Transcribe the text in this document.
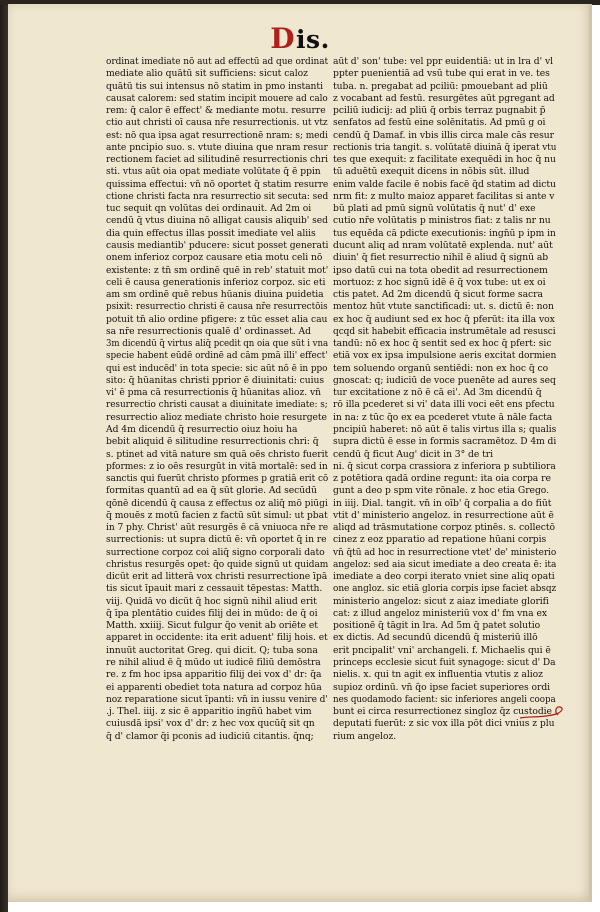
Dis.
ordinat imediate nō aut ad effectū ad que ordinat
mediate alio quātū sit sufficiens: sicut caloz
quātū tis sui intensus nō statim in pmo instanti
causat calorem: sed statim incipit mouere ad calo
rem: q̄ calor ē effect' & mediante motu. resurre
ctio aut christi oī causa nr̄e resurrectionis. ut vtz
est: nō qua ipsa agat resurrectionē nram: s; medi
ante pncipio suo. s. vtute diuina que nram resur
rectionem faciet ad silitudinē resurrectionis chri
sti. vtus aūt oia opat mediate volūtate q̄ ē ppin
quissima effectui: vn̄ nō oportet q̄ statim resurre
ctione christi facta nra resurrectio sit secuta: sed
tuc sequit qn volūtas dei ordinauit. Ad 2m oi
cendū q̄ vtus diuina nō alligat causis aliquib' sed
dia quin effectus illas possit imediate vel aliis
causis mediantib' pducere: sicut posset generati
onem inferioz corpoz causare etia motu celi nō
existente: z tn̄ sm ordinē quē in reb' statuit mot'
celi ē causa generationis inferioz corpoz. sic eti
am sm ordinē quē rebus hūanis diuina puidetia
psixit: resurrectio christi ē causa nr̄e resurrectōis
potuit tn̄ alio ordine pfigere: z tūc esset alia cau
sa nr̄e resurrectionis qualē d' ordinasset. Ad
3m dicendū q̄ virtus aliq̄ pcedit qn oia que sūt i vna
specie habent eūdē ordinē ad cām pmā illi' effect'
qui est inducēd' in tota specie: sic aūt nō ē in ppo
sito: q̄ hūanitas christi pprior ē diuinitati: cuius
vi' ē pma cā resurrectionis q̄ hūanitas alioz. vn̄
resurrectio christi causat a diuinitate imediate: s;
resurrectio alioz mediate christo hoie resurgete
Ad 4m dicendū q̄ resurrectio oiuz hoiu ha
bebit aliquid ē silitudine resurrectionis chri: q̄
s. ptinet ad vitā nature sm quā oēs christo fuerit
pformes: z io oēs resurgūt in vitā mortalē: sed in
sanctis qui fuerūt christo pformes p gratiā erit cō
formitas quantū ad ea q̄ sūt glorie. Ad secūdū
qōnē dicendū q̄ causa z effectus oz aliq̄ mō piūgi
q̄ mouēs z motū facien z factū sūt simul: ut pbat
in 7 phy. Christ' aūt resurgēs ē cā vniuoca nr̄e re
surrectionis: ut supra dictū ē: vn̄ oportet q̄ in re
surrectione corpoz coi aliq̄ signo corporali dato
christus resurgēs opet: q̄o quide signū ut quidam
dicūt erit ad litterā vox christi resurrectione īpā
tis sicut īpauit mari z cessauit tēpestas: Matth.
viij. Quidā vo dicūt q̄ hoc signū nihil aliud erit
q̄ īpa plentātio cuides filij dei in mūdo: de q̄ oi
Matth. xxiiij. Sicut fulgur q̄o venit ab oriēte et
apparet in occidente: ita erit aduent' filij hois. et
innuūt auctoritat Greg. qui dicit. Q; tuba sona
re nihil aliud ē q̄ mūdo ut iudicē filiū demōstra
re. z fm hoc ipsa apparitio filij dei vox d' dr: q̄a
ei apparenti obediet tota natura ad corpoz hūa
noz reparatione sicut īpanti: vn̄ in iussu venire d'
.j. Thel. iiij. z sic ē apparitio ingn̄ū habet vim
cuiusdā ipsi' vox d' dr: z hec vox qucūq̄ sit qn
q̄ d' clamor q̄i pconis ad iudiciū citantis. q̄nq;
aūt d' son' tube: vel ppr euidentiā: ut in lra d' vl
ppter puenientiā ad vsū tube qui erat in ve. tes
tuba. n. pregabat ad pciliū: pmouebant ad pliū
z vocabant ad festū. resurgētes aūt pgregant ad
pciliū iudicij: ad pliū q̄ orbis terraz pugnabit p̄
senfatos ad festū eine solēnitatis. Ad pmū g oi
cendū q̄ Damaf. in vbis illis circa male cās resur
rectionis tria tangit. s. volūtatē diuinā q̄ iperat vtu
tes que exequit: z facilitate exequēdi in hoc q̄ nu
tū aduētū exequit dicens in nōbis sūt. illud
enim valde facile ē nobis facē q̄d statim ad dictu
nrm fit: z multo maioz apparet facilitas si ante v
bū plati ad pmū signū volūtatis q̄ nut' d' exe
cutio nr̄e volūtatis p ministros fiat: z talis nr nu
tus equēda cā pdicte executionis: ingn̄ū p ipm in
ducunt aliq ad nram volūtatē explenda. nut' aūt
diuin' q̄ fiet resurrectio nihil ē aliud q̄ signū ab
ipso datū cui na tota obedit ad resurrectionem
mortuoz: z hoc signū idē ē q̄ vox tube: ut ex oi
ctis patet. Ad 2m dicendū q̄ sicut forme sacra
mentoz hūt vtute sanctificadi: ut. s. dictū ē: non
ex hoc q̄ audiunt sed ex hoc q̄ pferūt: ita illa vox
qcqd sit habebit efficacia instrumētale ad resusci
tandū: nō ex hoc q̄ sentit sed ex hoc q̄ pfert: sic
etiā vox ex ipsa impulsione aeris excitat dormien
tem soluendo organū sentiēdi: non ex hoc q̄ co
gnoscat: q; iudiciū de voce puenēte ad aures seq
tur excitatione z nō ē cā ei'. Ad 3m dicendū q̄
rō illa pcederet si vi' data illi voci eēt ens pfectu
in na: z tūc q̄o ex ea pcederet vtute ā nāle facta
pncipiū haberet: nō aūt ē talis virtus illa s; qualis
supra dictū ē esse in formis sacramētoz. D 4m di
cendū q̄ ficut Aug' dicit in 3° de tri
ni. q̄ sicut corpa crassiora z inferiora p subtiliora
z potētiora qadā ordine regunt: ita oia corpa re
gunt a deo p spm vite rōnale. z hoc etia Grego.
in iiij. Dial. tangit. vn̄ in oīb' q̄ corpalia a do fiūt
vtit d' ministerio angeloz. in resurrectione aūt ē
aliqd ad trāsmutatione corpoz ptinēs. s. collectō
cinez z eoz pparatio ad repatione hūani corpis
vn̄ q̄tū ad hoc in resurrectione vtet' de' ministerio
angeloz: sed aia sicut imediate a deo creata ē: ita
imediate a deo corpi iterato vniet sine aliq opati
one angloz. sic etiā gloria corpis ipse faciet absqz
ministerio angeloz: sicut z aiaz imediate glorifi
cat: z illud angeloz ministeriū vox d' fm vna ex
positionē q̄ tāgit in lra. Ad 5m q̄ patet solutio
ex dictis. Ad secundū dicendū q̄ misteriū illō
erit pncipalit' vni' archangeli. f. Michaelis qui ē
princeps ecclesie sicut fuit synagoge: sicut d' Da
nielis. x. qui tn agit ex influentia vtutis z alioz
supioz ordinū. vn̄ q̄o ipse faciet superiores ordi
nes quodamodo facient: sic inferiores angeli coopa
bunt ei circa resurrectionez singloz q̄z custodie
deputati fuerūt: z sic vox illa pōt dici vnius z plu
rium angeloz.
